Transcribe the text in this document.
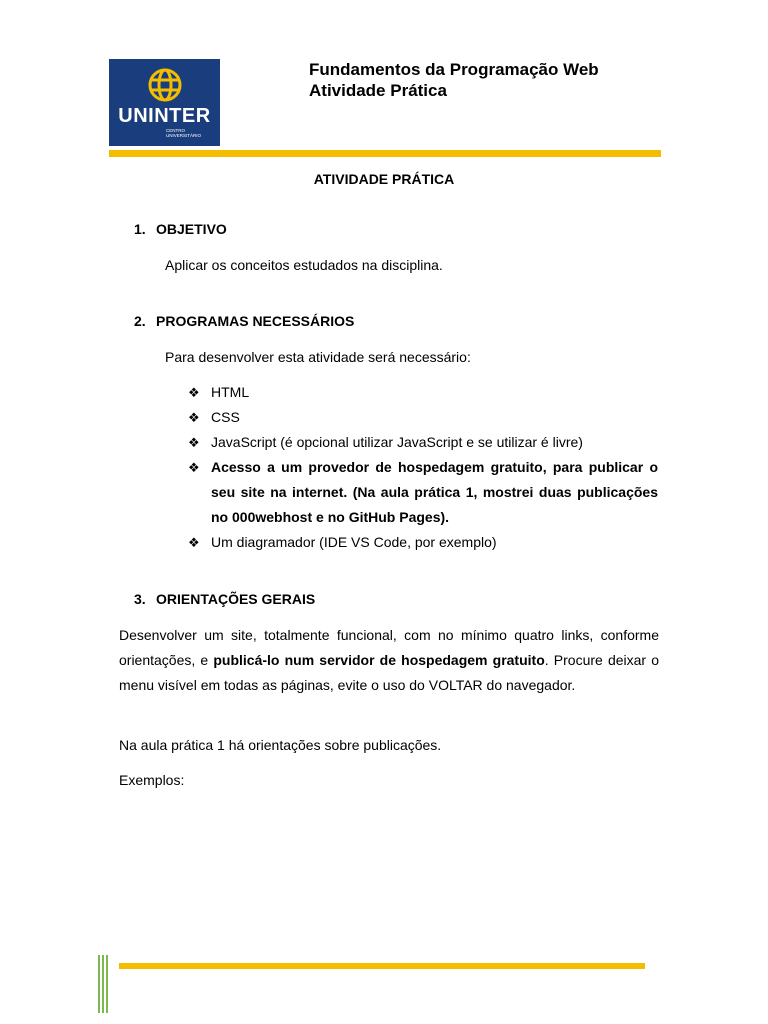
UNINTER
CENTRO
UNIVERSITÁRIO
Fundamentos da Programação Web
Atividade Prática
ATIVIDADE PRÁTICA
1. OBJETIVO
Aplicar os conceitos estudados na disciplina.
2. PROGRAMAS NECESSÁRIOS
Para desenvolver esta atividade será necessário:
❖ HTML
❖ CSS
❖ JavaScript (é opcional utilizar JavaScript e se utilizar é livre)
❖ Acesso a um provedor de hospedagem gratuito, para publicar o seu site na internet. (Na aula prática 1, mostrei duas publicações no 000webhost e no GitHub Pages).
❖ Um diagramador (IDE VS Code, por exemplo)
3. ORIENTAÇÕES GERAIS
Desenvolver um site, totalmente funcional, com no mínimo quatro links, conforme orientações, e publicá-lo num servidor de hospedagem gratuito. Procure deixar o menu visível em todas as páginas, evite o uso do VOLTAR do navegador.
Na aula prática 1 há orientações sobre publicações.
Exemplos:
